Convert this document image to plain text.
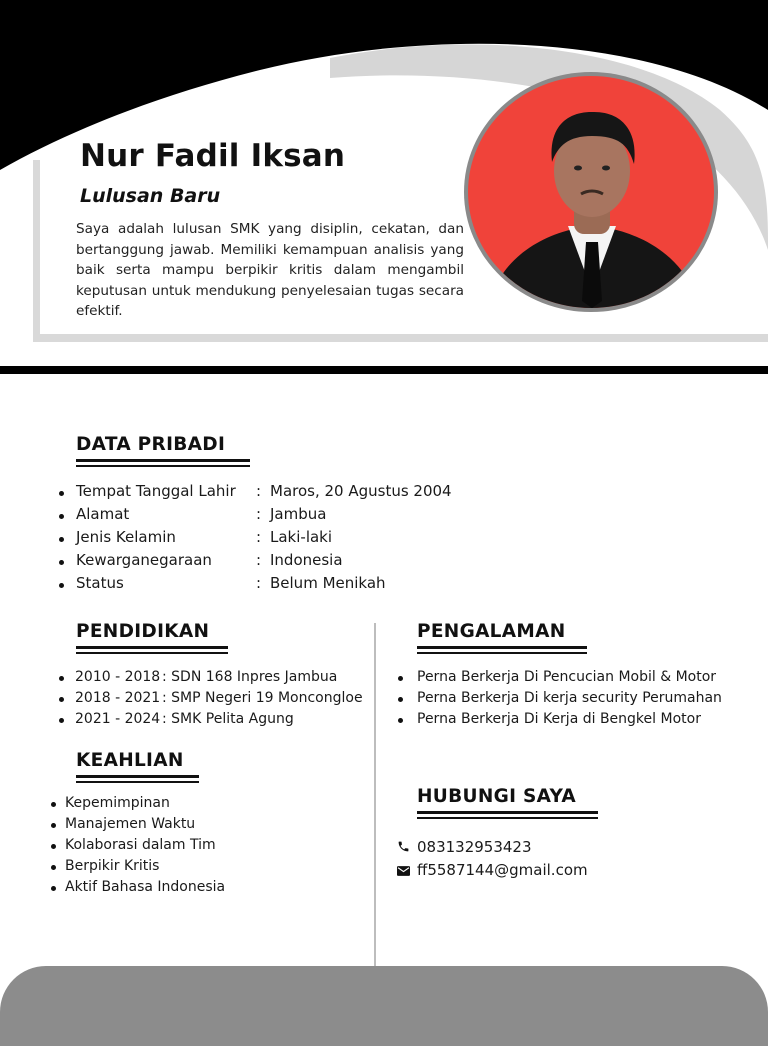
Nur Fadil Iksan
Lulusan Baru
Saya adalah lulusan SMK yang disiplin, cekatan, dan bertanggung jawab. Memiliki kemampuan analisis yang baik serta mampu berpikir kritis dalam mengambil keputusan untuk mendukung penyelesaian tugas secara efektif.
DATA PRIBADI
Tempat Tanggal Lahir : Maros, 20 Agustus 2004
Alamat	: Jambua
Jenis Kelamin	: Laki-laki
Kewarganegaraan	: Indonesia
Status	: Belum Menikah
PENDIDIKAN
2010 - 2018 : SDN 168 Inpres Jambua
2018 - 2021 : SMP Negeri 19 Moncongloe
2021 - 2024 : SMK Pelita Agung
KEAHLIAN
Kepemimpinan
Manajemen Waktu
Kolaborasi dalam Tim
Berpikir Kritis
Aktif Bahasa Indonesia
PENGALAMAN
Perna Berkerja Di Pencucian Mobil & Motor
Perna Berkerja Di kerja security Perumahan
Perna Berkerja Di Kerja di Bengkel Motor
HUBUNGI SAYA
083132953423
ff5587144@gmail.com
